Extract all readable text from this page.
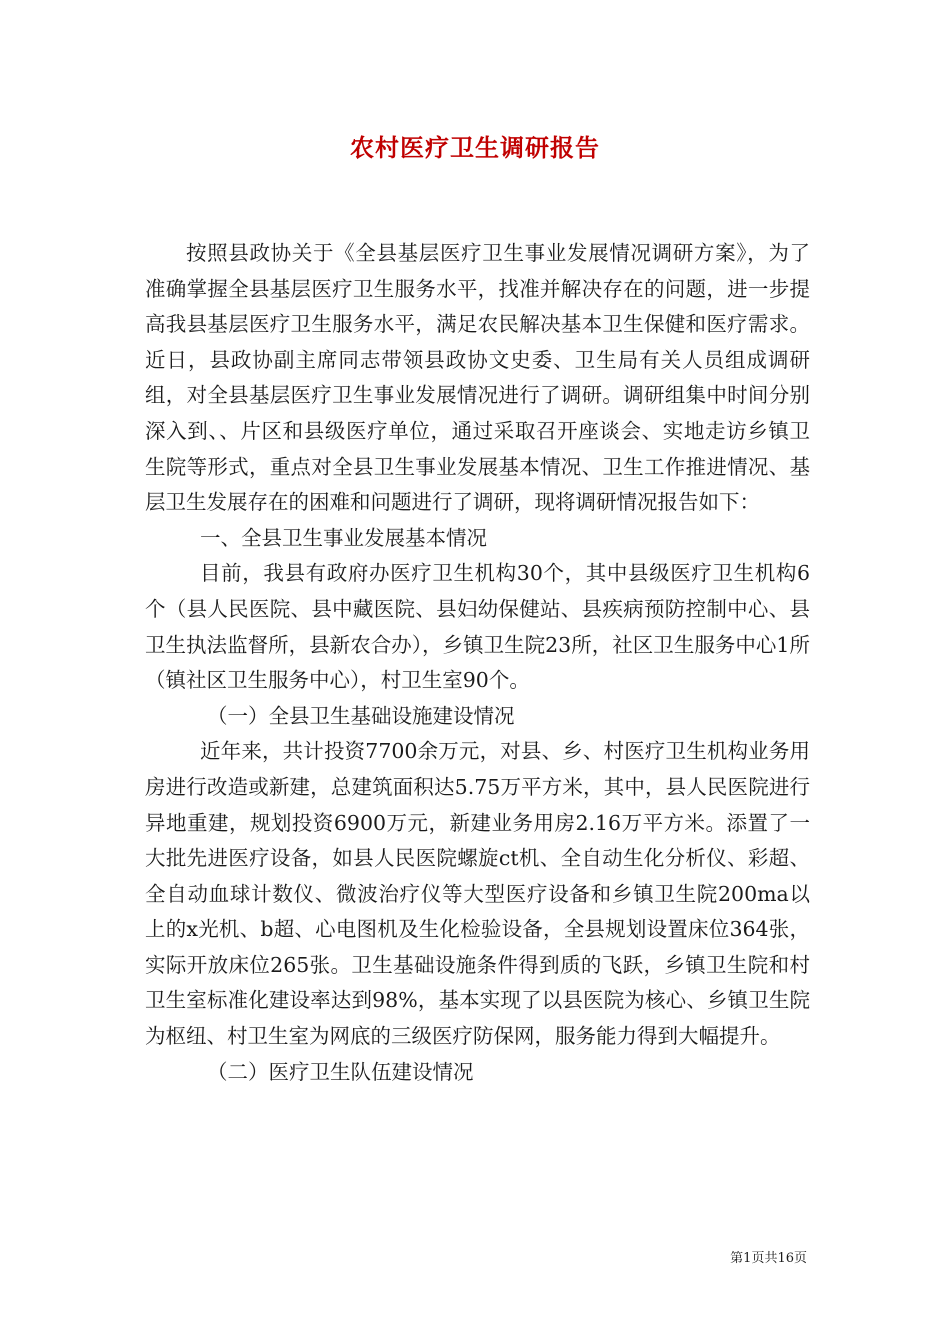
农村医疗卫生调研报告

按照县政协关于《全县基层医疗卫生事业发展情况调研方案》，为了准确掌握全县基层医疗卫生服务水平，找准并解决存在的问题，进一步提高我县基层医疗卫生服务水平，满足农民解决基本卫生保健和医疗需求。近日，县政协副主席同志带领县政协文史委、卫生局有关人员组成调研组，对全县基层医疗卫生事业发展情况进行了调研。调研组集中时间分别深入到、、片区和县级医疗单位，通过采取召开座谈会、实地走访乡镇卫生院等形式，重点对全县卫生事业发展基本情况、卫生工作推进情况、基层卫生发展存在的困难和问题进行了调研，现将调研情况报告如下：

一、全县卫生事业发展基本情况

目前，我县有政府办医疗卫生机构30个，其中县级医疗卫生机构6个（县人民医院、县中藏医院、县妇幼保健站、县疾病预防控制中心、县卫生执法监督所，县新农合办），乡镇卫生院23所，社区卫生服务中心1所（镇社区卫生服务中心），村卫生室90个。

（一）全县卫生基础设施建设情况

近年来，共计投资7700余万元，对县、乡、村医疗卫生机构业务用房进行改造或新建，总建筑面积达5.75万平方米，其中，县人民医院进行异地重建，规划投资6900万元，新建业务用房2.16万平方米。添置了一大批先进医疗设备，如县人民医院螺旋ct机、全自动生化分析仪、彩超、全自动血球计数仪、微波治疗仪等大型医疗设备和乡镇卫生院200ma以上的x光机、b超、心电图机及生化检验设备，全县规划设置床位364张，实际开放床位265张。卫生基础设施条件得到质的飞跃，乡镇卫生院和村卫生室标准化建设率达到98%，基本实现了以县医院为核心、乡镇卫生院为枢纽、村卫生室为网底的三级医疗防保网，服务能力得到大幅提升。

（二）医疗卫生队伍建设情况

第1页共16页
